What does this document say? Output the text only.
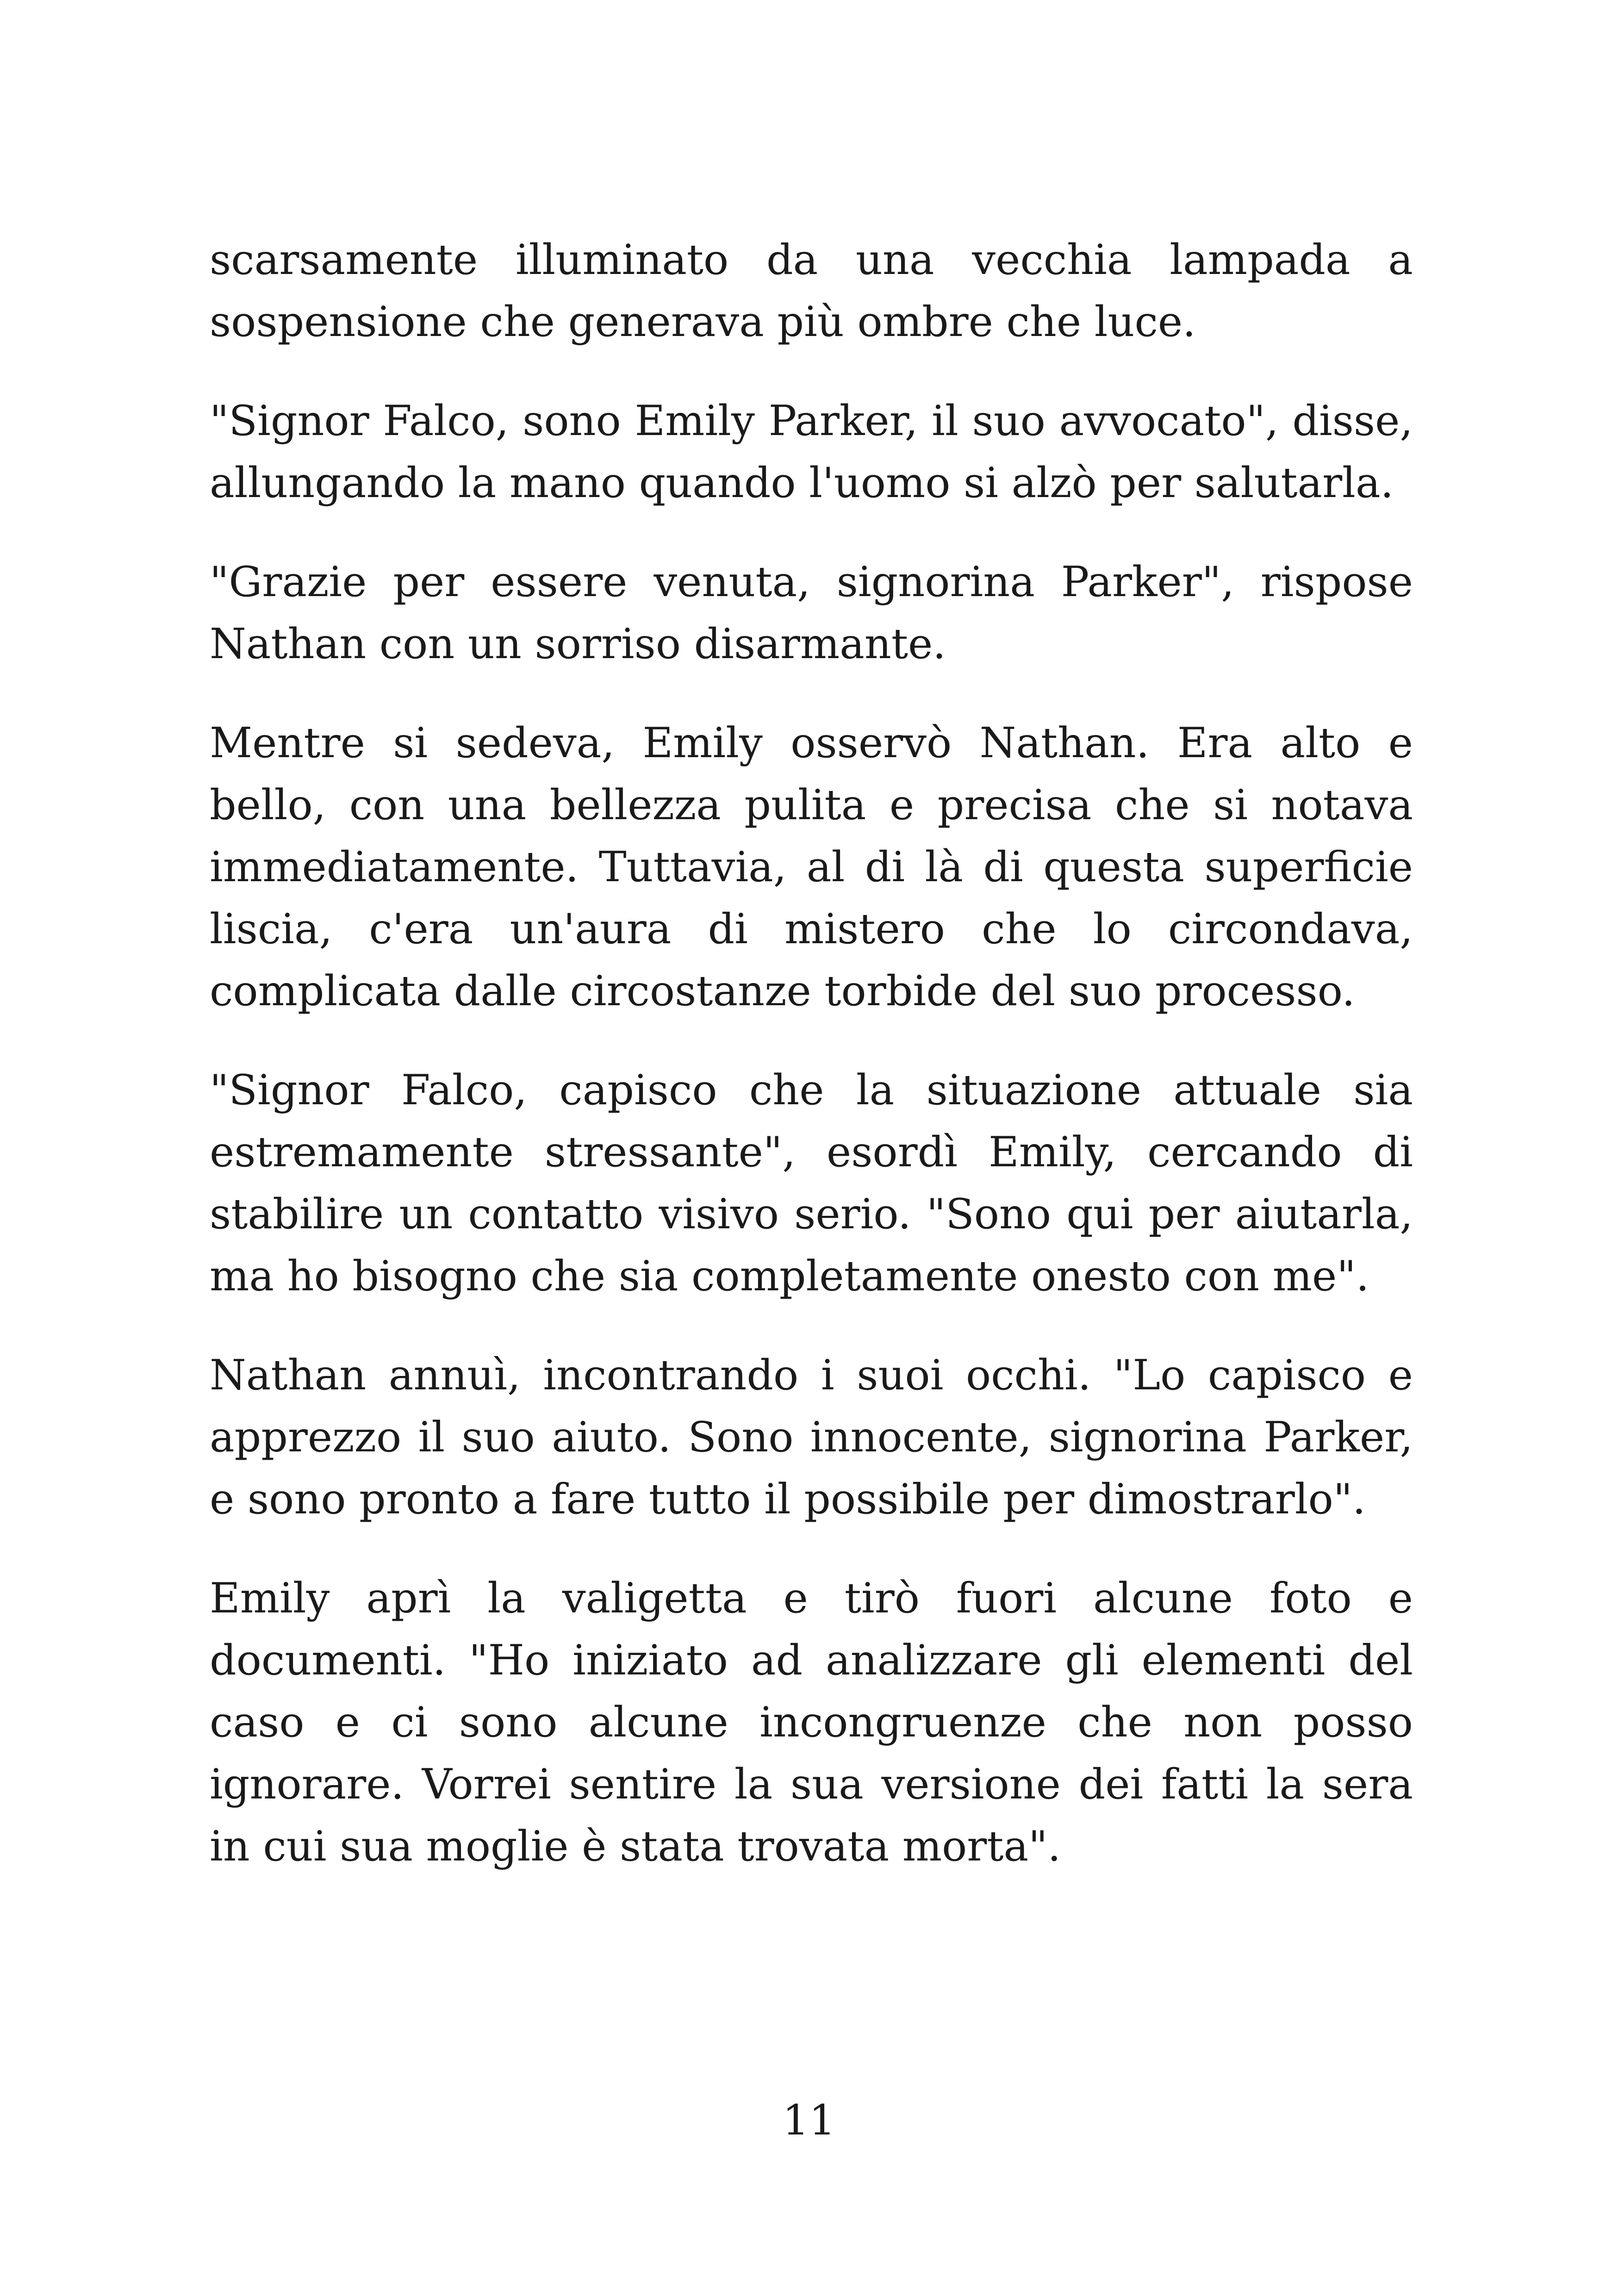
scarsamente illuminato da una vecchia lampada a sospensione che generava più ombre che luce.

"Signor Falco, sono Emily Parker, il suo avvocato", disse, allungando la mano quando l'uomo si alzò per salutarla.

"Grazie per essere venuta, signorina Parker", rispose Nathan con un sorriso disarmante.

Mentre si sedeva, Emily osservò Nathan. Era alto e bello, con una bellezza pulita e precisa che si notava immediatamente. Tuttavia, al di là di questa superficie liscia, c'era un'aura di mistero che lo circondava, complicata dalle circostanze torbide del suo processo.

"Signor Falco, capisco che la situazione attuale sia estremamente stressante", esordì Emily, cercando di stabilire un contatto visivo serio. "Sono qui per aiutarla, ma ho bisogno che sia completamente onesto con me".

Nathan annuì, incontrando i suoi occhi. "Lo capisco e apprezzo il suo aiuto. Sono innocente, signorina Parker, e sono pronto a fare tutto il possibile per dimostrarlo".

Emily aprì la valigetta e tirò fuori alcune foto e documenti. "Ho iniziato ad analizzare gli elementi del caso e ci sono alcune incongruenze che non posso ignorare. Vorrei sentire la sua versione dei fatti la sera in cui sua moglie è stata trovata morta".

11
